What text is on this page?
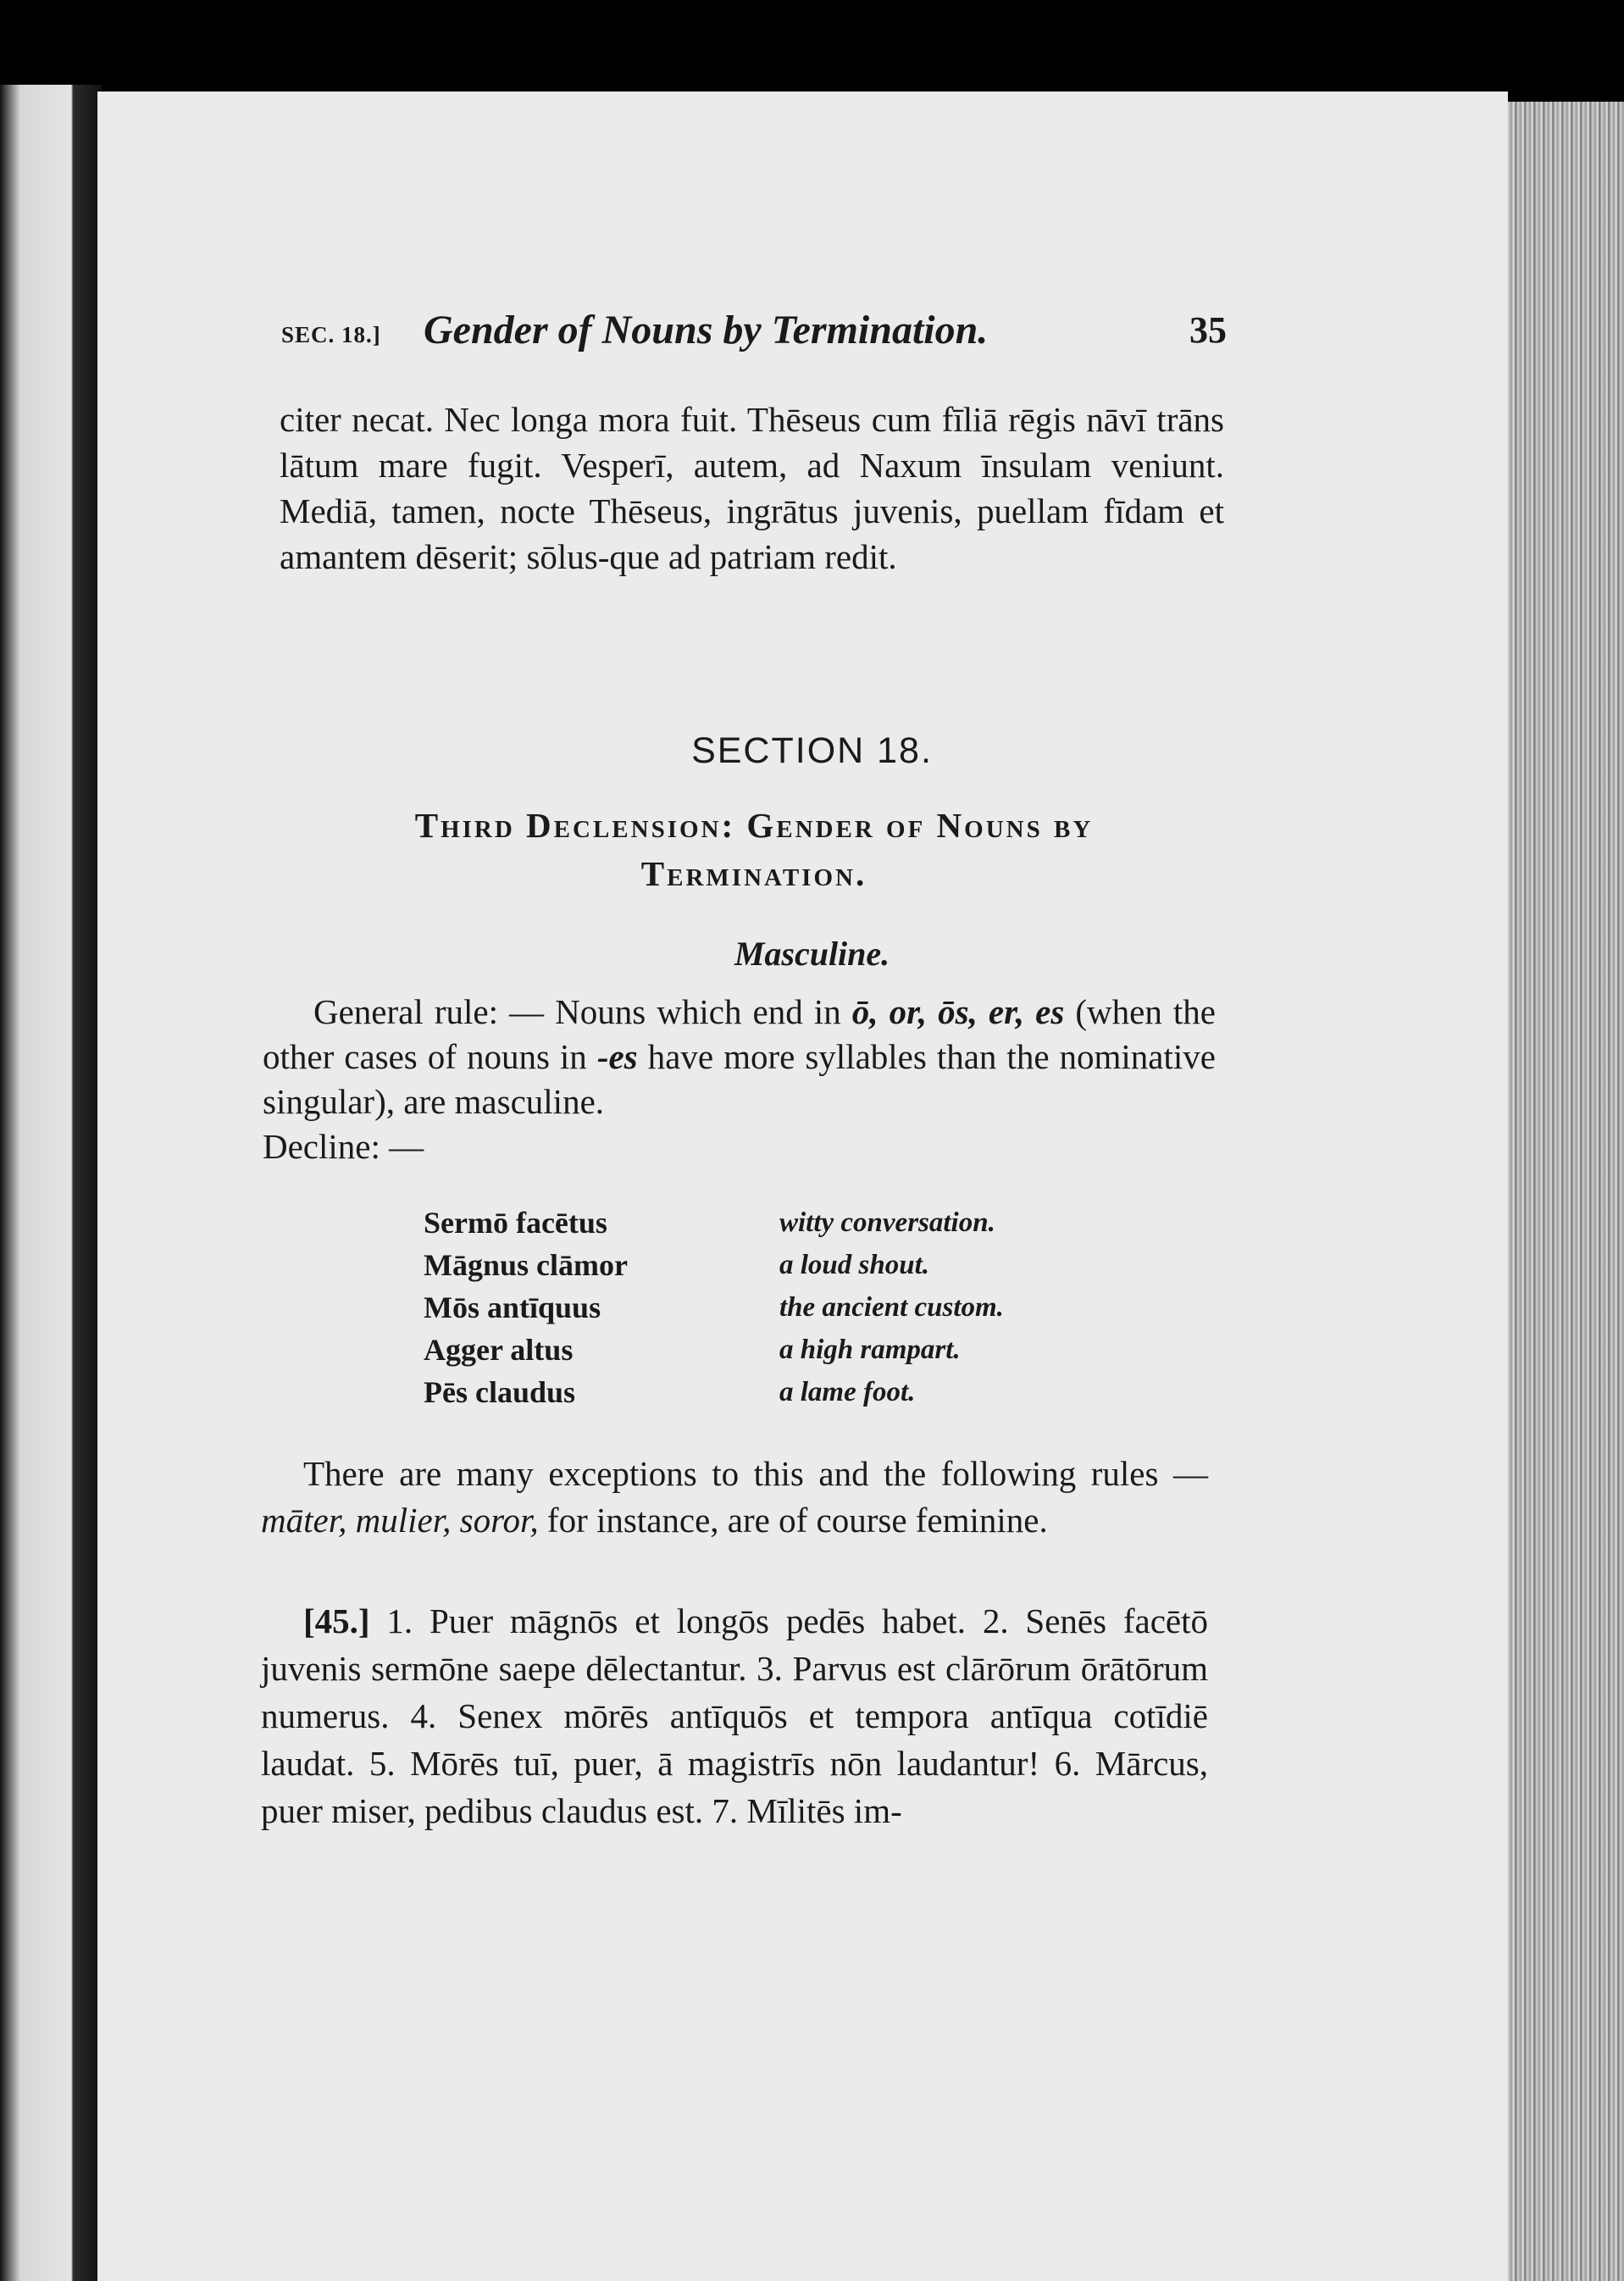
SEC. 18.] Gender of Nouns by Termination.	35
citer necat. Nec longa mora fuit. Thēseus cum fīliā rēgis nāvī trāns lātum mare fugit. Vesperī, autem, ad Naxum īnsulam veniunt. Mediā, tamen, nocte Thēseus, ingrātus juvenis, puellam fīdam et amantem dēserit; sōlus-que ad patriam redit.
SECTION 18.
Third Declension: Gender of Nouns by
Termination.
Masculine.
General rule: — Nouns which end in ō, or, ōs, er, es (when the other cases of nouns in -es have more syllables than the nominative singular), are masculine.
Decline: —
Sermō facētus	witty conversation.
Māgnus clāmor	a loud shout.
Mōs antīquus	the ancient custom.
Agger altus	a high rampart.
Pēs claudus	a lame foot.
There are many exceptions to this and the following rules — māter, mulier, soror, for instance, are of course feminine.
[45.] 1. Puer māgnōs et longōs pedēs habet. 2. Senēs facētō juvenis sermōne saepe dēlectantur. 3. Parvus est clārōrum ōrātōrum numerus. 4. Senex mōrēs antīquōs et tempora antīqua cotīdiē laudat. 5. Mōrēs tuī, puer, ā magistrīs nōn laudantur! 6. Mārcus, puer miser, pedibus claudus est. 7. Mīlitēs im-
